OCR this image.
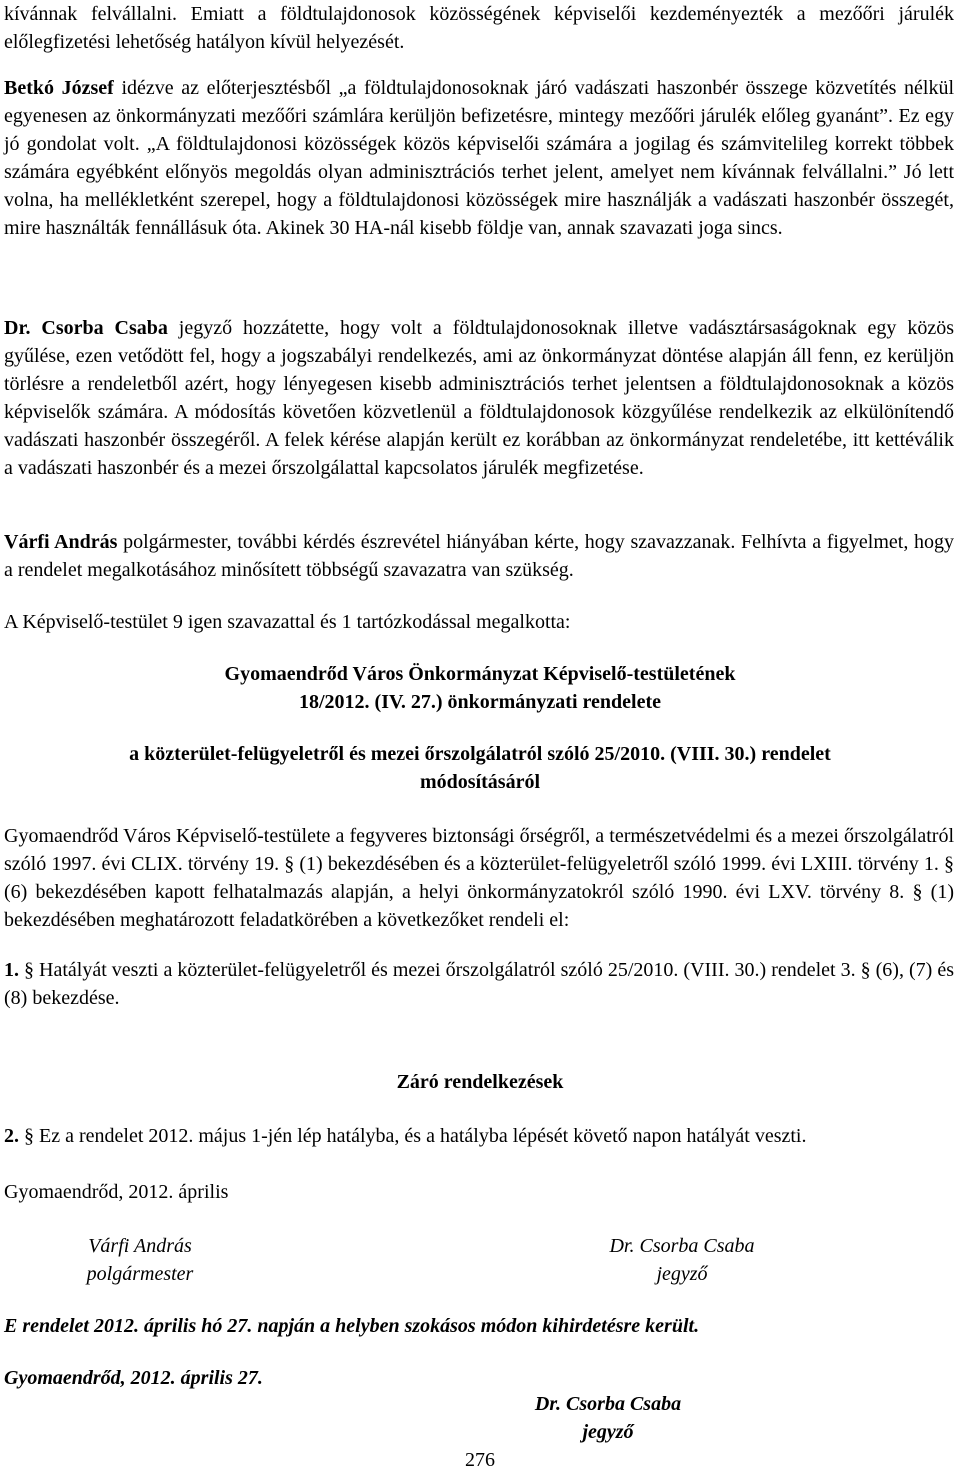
kívánnak felvállalni. Emiatt a földtulajdonosok közösségének képviselői kezdeményezték a mezőőri járulék előlegfizetési lehetőség hatályon kívül helyezését.

Betkó József idézve az előterjesztésből „a földtulajdonosoknak járó vadászati haszonbér összege közvetítés nélkül egyenesen az önkormányzati mezőőri számlára kerüljön befizetésre, mintegy mezőőri járulék előleg gyanánt”. Ez egy jó gondolat volt. „A földtulajdonosi közösségek közös képviselői számára a jogilag és számvitelileg korrekt többek számára egyébként előnyös megoldás olyan adminisztrációs terhet jelent, amelyet nem kívánnak felvállalni.” Jó lett volna, ha mellékletként szerepel, hogy a földtulajdonosi közösségek mire használják a vadászati haszonbér összegét, mire használták fennállásuk óta. Akinek 30 HA-nál kisebb földje van, annak szavazati joga sincs.

Dr. Csorba Csaba jegyző hozzátette, hogy volt a földtulajdonosoknak illetve vadásztársaságoknak egy közös gyűlése, ezen vetődött fel, hogy a jogszabályi rendelkezés, ami az önkormányzat döntése alapján áll fenn, ez kerüljön törlésre a rendeletből azért, hogy lényegesen kisebb adminisztrációs terhet jelentsen a földtulajdonosoknak a közös képviselők számára. A módosítás követően közvetlenül a földtulajdonosok közgyűlése rendelkezik az elkülönítendő vadászati haszonbér összegéről. A felek kérése alapján került ez korábban az önkormányzat rendeletébe, itt kettéválik a vadászati haszonbér és a mezei őrszolgálattal kapcsolatos járulék megfizetése.

Várfi András polgármester, további kérdés észrevétel hiányában kérte, hogy szavazzanak. Felhívta a figyelmet, hogy a rendelet megalkotásához minősített többségű szavazatra van szükség.

A Képviselő-testület 9 igen szavazattal és 1 tartózkodással megalkotta:

Gyomaendrőd Város Önkormányzat Képviselő-testületének
18/2012. (IV. 27.) önkormányzati rendelete
a közterület-felügyeletről és mezei őrszolgálatról szóló 25/2010. (VIII. 30.) rendelet
módosításáról

Gyomaendrőd Város Képviselő-testülete a fegyveres biztonsági őrségről, a természetvédelmi és a mezei őrszolgálatról szóló 1997. évi CLIX. törvény 19. § (1) bekezdésében és a közterület-felügyeletről szóló 1999. évi LXIII. törvény 1. § (6) bekezdésében kapott felhatalmazás alapján, a helyi önkormányzatokról szóló 1990. évi LXV. törvény 8. § (1) bekezdésében meghatározott feladatkörében a következőket rendeli el:

1. § Hatályát veszti a közterület-felügyeletről és mezei őrszolgálatról szóló 25/2010. (VIII. 30.) rendelet 3. § (6), (7) és (8) bekezdése.

Záró rendelkezések

2. § Ez a rendelet 2012. május 1-jén lép hatályba, és a hatályba lépését követő napon hatályát veszti.

Gyomaendrőd, 2012. április

Várfi András
polgármester
Dr. Csorba Csaba
jegyző

E rendelet 2012. április hó 27. napján a helyben szokásos módon kihirdetésre került.

Gyomaendrőd, 2012. április 27.

Dr. Csorba Csaba
jegyző
276
